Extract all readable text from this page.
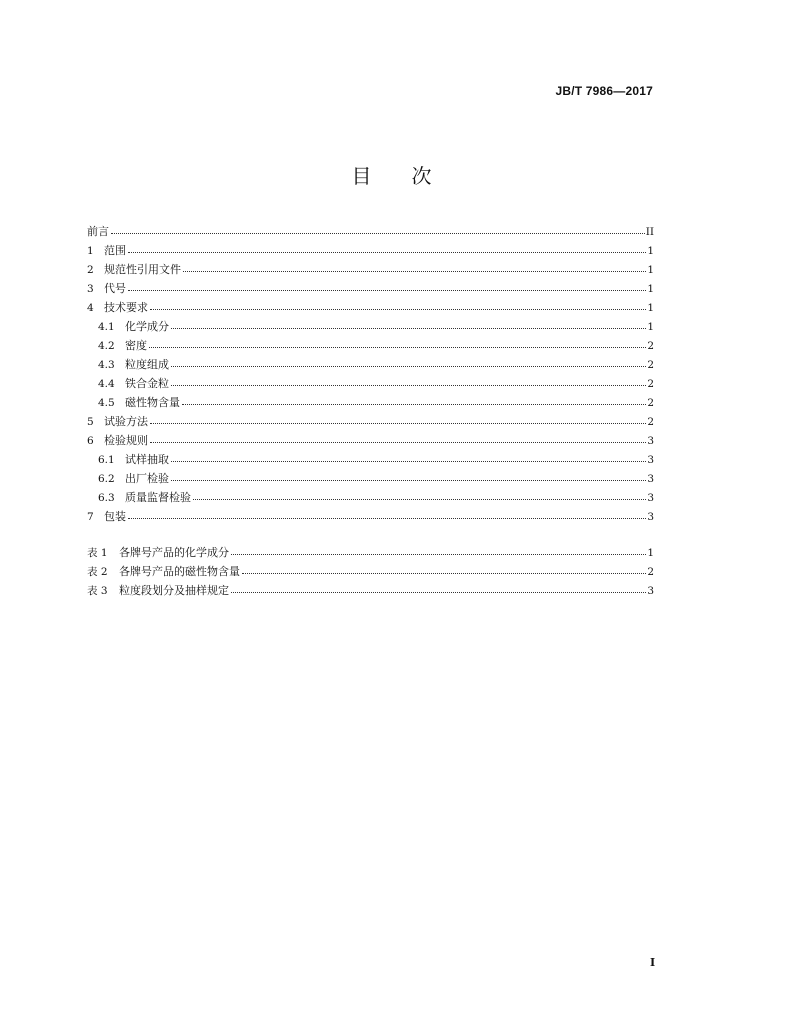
JB/T 7986—2017
目次
前言	II
1 范围	1
2 规范性引用文件	1
3 代号	1
4 技术要求	1
4.1 化学成分	1
4.2 密度	2
4.3 粒度组成	2
4.4 铁合金粒	2
4.5 磁性物含量	2
5 试验方法	2
6 检验规则	3
6.1 试样抽取	3
6.2 出厂检验	3
6.3 质量监督检验	3
7 包装	3
表 1	各牌号产品的化学成分	1
表 2	各牌号产品的磁性物含量	2
表 3	粒度段划分及抽样规定	3
I
